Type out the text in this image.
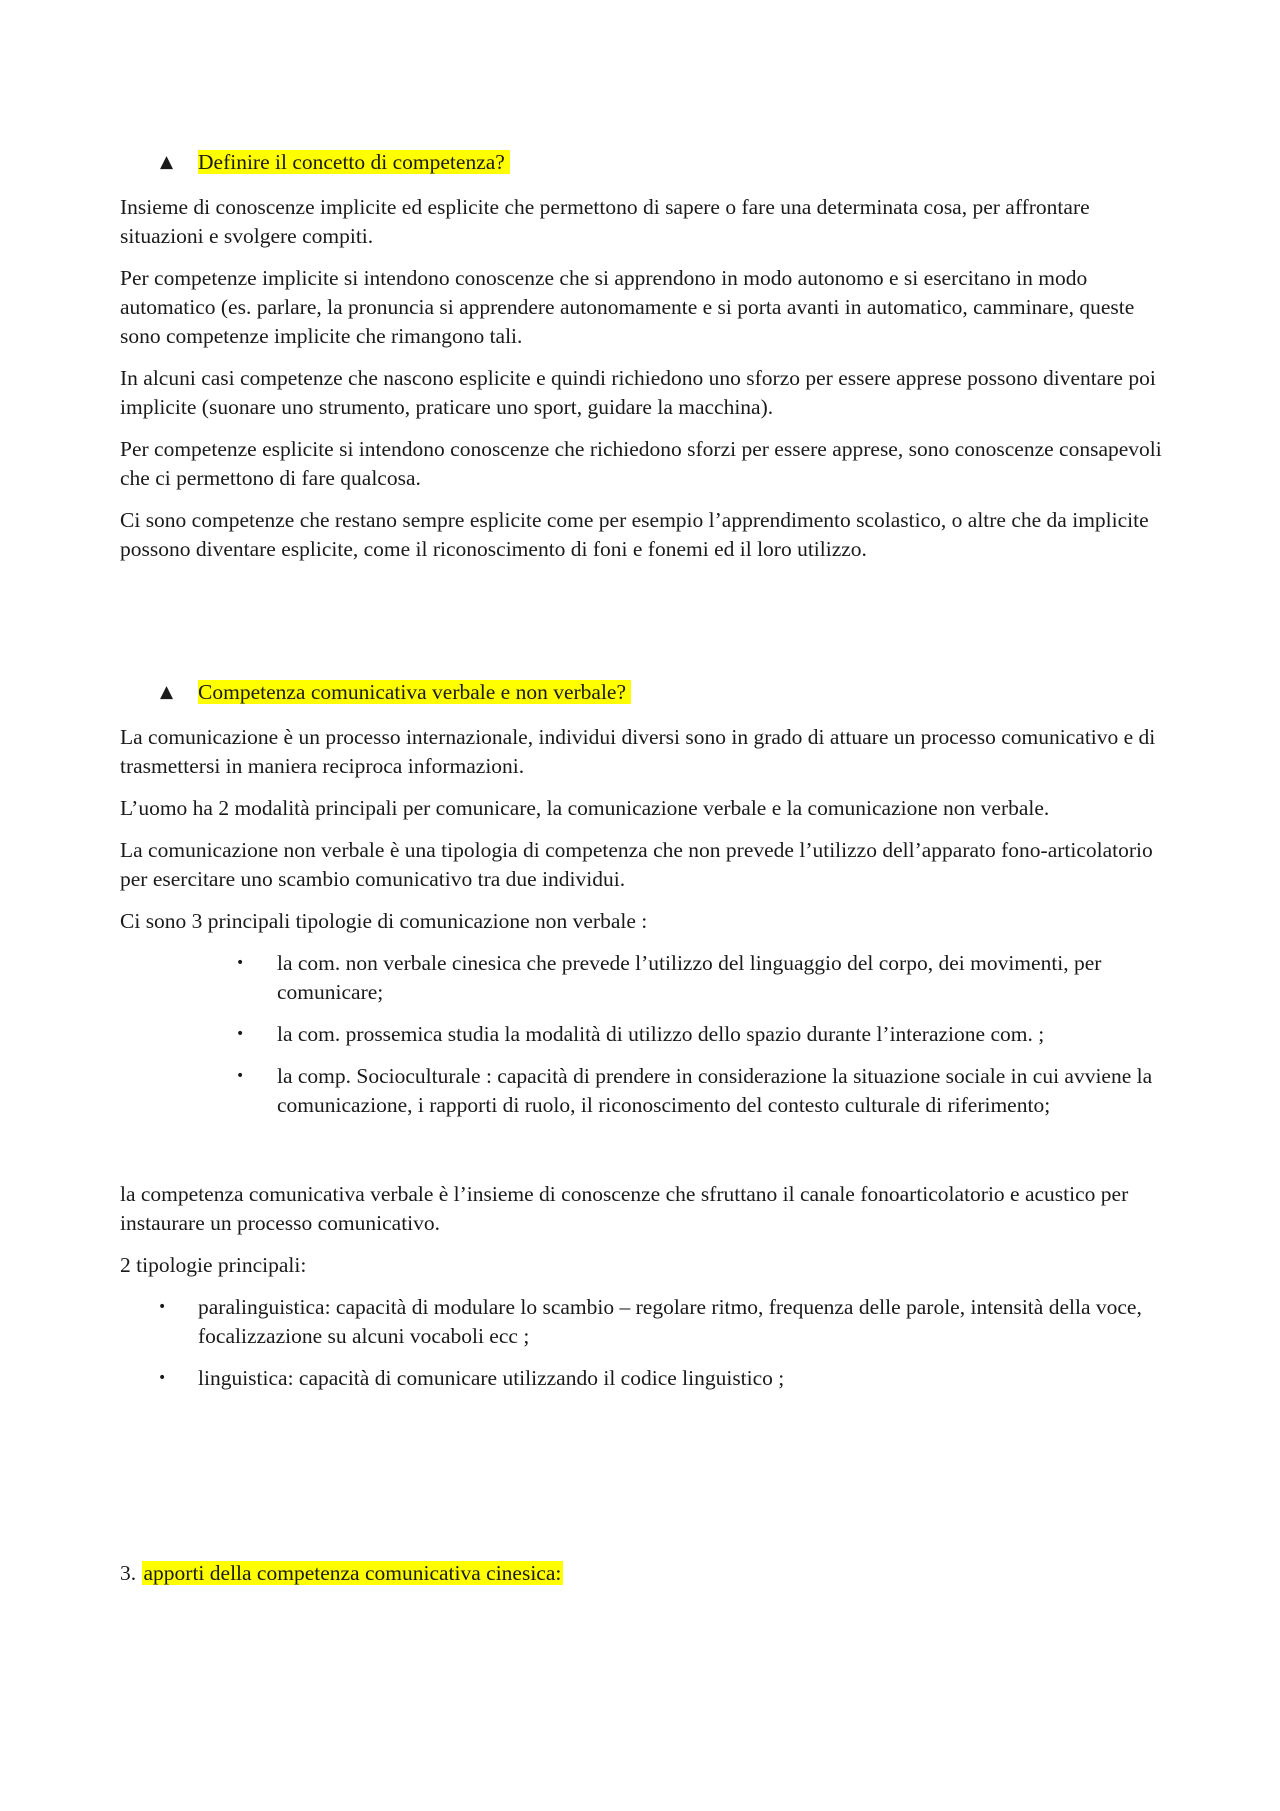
▲ Definire il concetto di competenza?

Insieme di conoscenze implicite ed esplicite che permettono di sapere o fare una determinata cosa, per affrontare situazioni e svolgere compiti.

Per competenze implicite si intendono conoscenze che si apprendono in modo autonomo e si esercitano in modo automatico (es. parlare, la pronuncia si apprendere autonomamente e si porta avanti in automatico, camminare, queste sono competenze implicite che rimangono tali.

In alcuni casi competenze che nascono esplicite e quindi richiedono uno sforzo per essere apprese possono diventare poi implicite (suonare uno strumento, praticare uno sport, guidare la macchina).

Per competenze esplicite si intendono conoscenze che richiedono sforzi per essere apprese, sono conoscenze consapevoli che ci permettono di fare qualcosa.

Ci sono competenze che restano sempre esplicite come per esempio l’apprendimento scolastico, o altre che da implicite possono diventare esplicite, come il riconoscimento di foni e fonemi ed il loro utilizzo.

▲ Competenza comunicativa verbale e non verbale?

La comunicazione è un processo internazionale, individui diversi sono in grado di attuare un processo comunicativo e di trasmettersi in maniera reciproca informazioni.

L’uomo ha 2 modalità principali per comunicare, la comunicazione verbale e la comunicazione non verbale.

La comunicazione non verbale è una tipologia di competenza che non prevede l’utilizzo dell’apparato fono-articolatorio per esercitare uno scambio comunicativo tra due individui.

Ci sono 3 principali tipologie di comunicazione non verbale :

• la com. non verbale cinesica che prevede l’utilizzo del linguaggio del corpo, dei movimenti, per comunicare;
• la com. prossemica studia la modalità di utilizzo dello spazio durante l’interazione com. ;
• la comp. Socioculturale : capacità di prendere in considerazione la situazione sociale in cui avviene la comunicazione, i rapporti di ruolo, il riconoscimento del contesto culturale di riferimento;

la competenza comunicativa verbale è l’insieme di conoscenze che sfruttano il canale fonoarticolatorio e acustico per instaurare un processo comunicativo.

2 tipologie principali:

• paralinguistica: capacità di modulare lo scambio – regolare ritmo, frequenza delle parole, intensità della voce, focalizzazione su alcuni vocaboli ecc ;
• linguistica: capacità di comunicare utilizzando il codice linguistico ;
3. apporti della competenza comunicativa cinesica:
